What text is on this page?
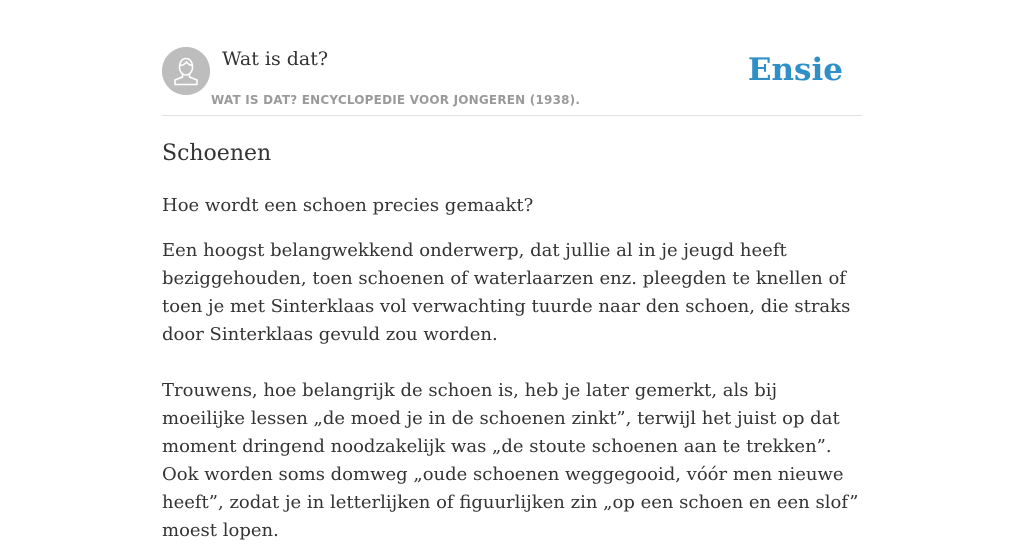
Wat is dat?
WAT IS DAT? ENCYCLOPEDIE VOOR JONGEREN (1938).
Ensie
Schoenen

Hoe wordt een schoen precies gemaakt?

Een hoogst belangwekkend onderwerp, dat jullie al in je jeugd heeft beziggehouden, toen schoenen of waterlaarzen enz. pleegden te knellen of toen je met Sinterklaas vol verwachting tuurde naar den schoen, die straks door Sinterklaas gevuld zou worden.

Trouwens, hoe belangrijk de schoen is, heb je later gemerkt, als bij moeilijke lessen „de moed je in de schoenen zinkt”, terwijl het juist op dat moment dringend noodzakelijk was „de stoute schoenen aan te trekken”. Ook worden soms domweg „oude schoenen weggegooid, vóór men nieuwe heeft”, zodat je in letterlijken of figuurlijken zin „op een schoen en een slof” moest lopen.
